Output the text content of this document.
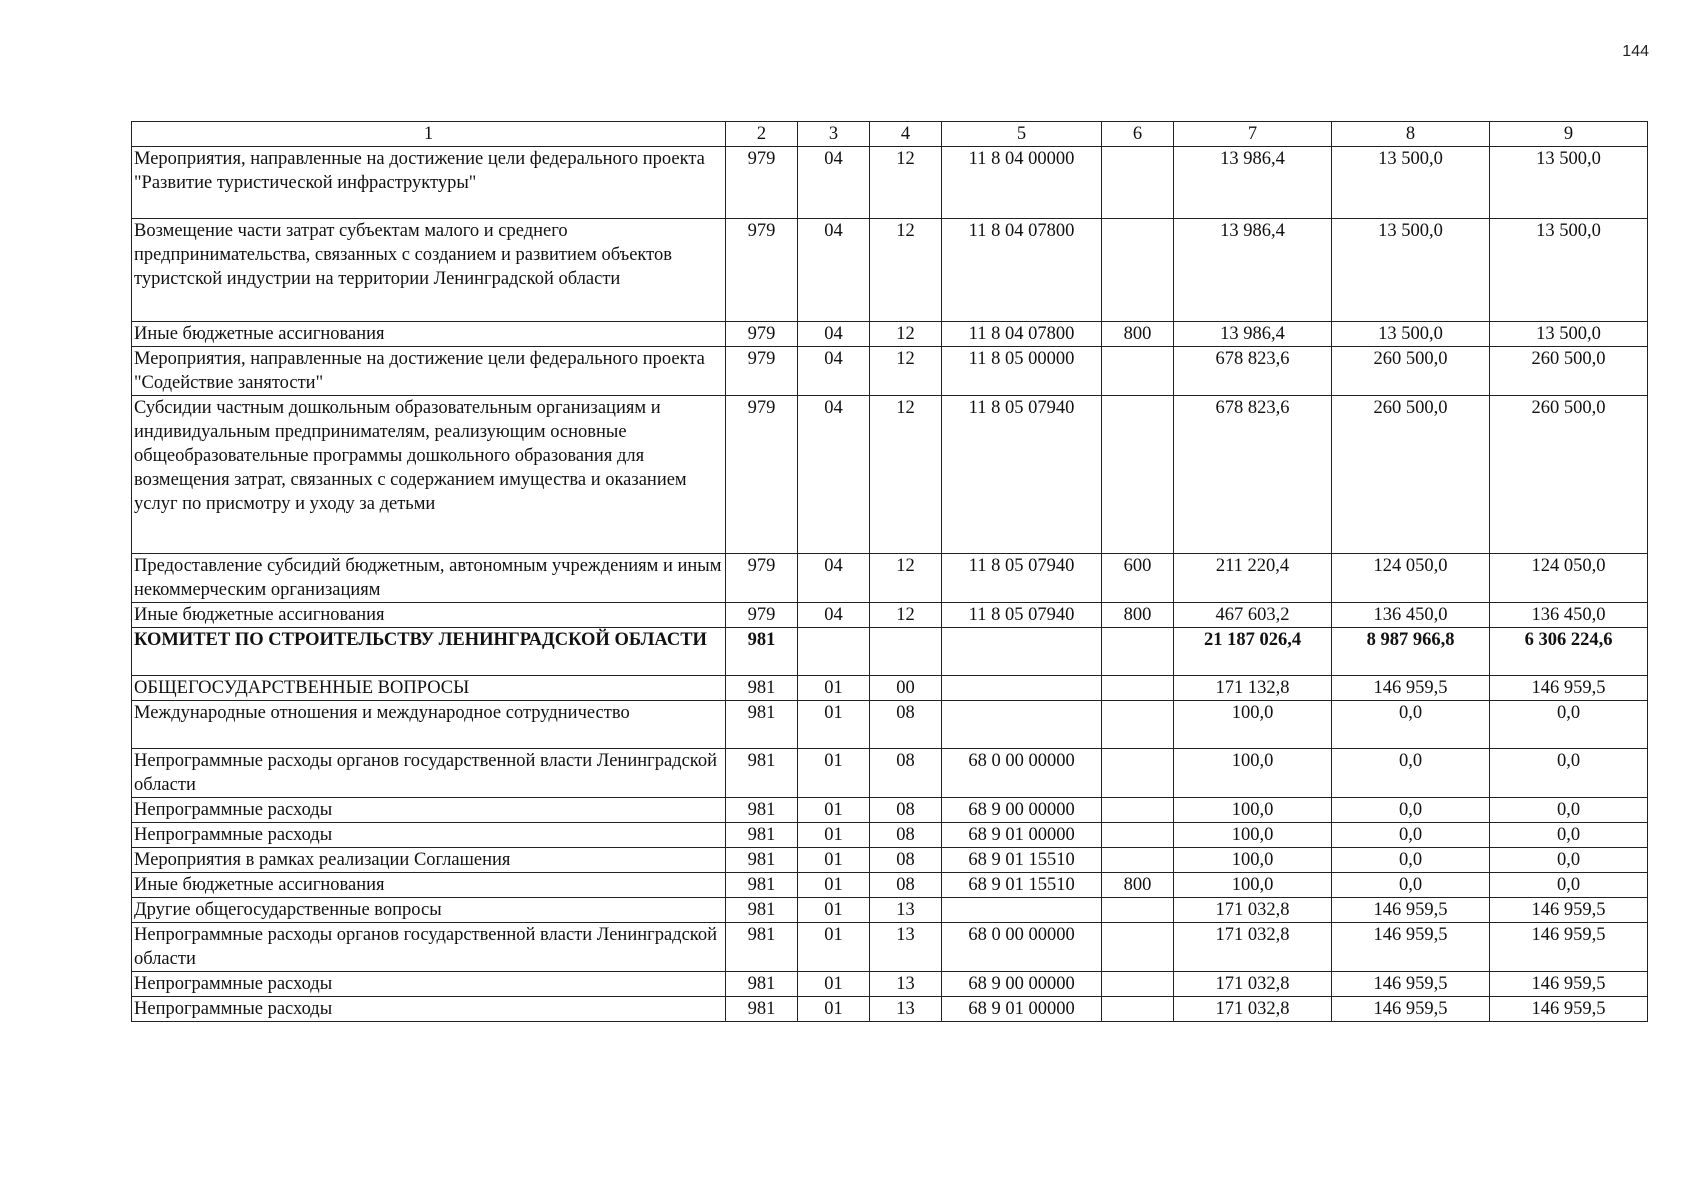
144
1	2	3	4	5	6	7	8	9
Мероприятия, направленные на достижение цели федерального проекта "Развитие туристической инфраструктуры"	979	04	12	11 8 04 00000		13 986,4	13 500,0	13 500,0
Возмещение части затрат субъектам малого и среднего предпринимательства, связанных с созданием и развитием объектов туристской индустрии на территории Ленинградской области	979	04	12	11 8 04 07800		13 986,4	13 500,0	13 500,0
Иные бюджетные ассигнования	979	04	12	11 8 04 07800	800	13 986,4	13 500,0	13 500,0
Мероприятия, направленные на достижение цели федерального проекта "Содействие занятости"	979	04	12	11 8 05 00000		678 823,6	260 500,0	260 500,0
Субсидии частным дошкольным образовательным организациям и индивидуальным предпринимателям, реализующим основные общеобразовательные программы дошкольного образования для возмещения затрат, связанных с содержанием имущества и оказанием услуг по присмотру и уходу за детьми	979	04	12	11 8 05 07940		678 823,6	260 500,0	260 500,0
Предоставление субсидий бюджетным, автономным учреждениям и иным некоммерческим организациям	979	04	12	11 8 05 07940	600	211 220,4	124 050,0	124 050,0
Иные бюджетные ассигнования	979	04	12	11 8 05 07940	800	467 603,2	136 450,0	136 450,0
КОМИТЕТ ПО СТРОИТЕЛЬСТВУ ЛЕНИНГРАДСКОЙ ОБЛАСТИ	981					21 187 026,4	8 987 966,8	6 306 224,6
ОБЩЕГОСУДАРСТВЕННЫЕ ВОПРОСЫ	981	01	00			171 132,8	146 959,5	146 959,5
Международные отношения и международное сотрудничество	981	01	08			100,0	0,0	0,0
Непрограммные расходы органов государственной власти Ленинградской области	981	01	08	68 0 00 00000		100,0	0,0	0,0
Непрограммные расходы	981	01	08	68 9 00 00000		100,0	0,0	0,0
Непрограммные расходы	981	01	08	68 9 01 00000		100,0	0,0	0,0
Мероприятия в рамках реализации Соглашения	981	01	08	68 9 01 15510		100,0	0,0	0,0
Иные бюджетные ассигнования	981	01	08	68 9 01 15510	800	100,0	0,0	0,0
Другие общегосударственные вопросы	981	01	13			171 032,8	146 959,5	146 959,5
Непрограммные расходы органов государственной власти Ленинградской области	981	01	13	68 0 00 00000		171 032,8	146 959,5	146 959,5
Непрограммные расходы	981	01	13	68 9 00 00000		171 032,8	146 959,5	146 959,5
Непрограммные расходы	981	01	13	68 9 01 00000		171 032,8	146 959,5	146 959,5
